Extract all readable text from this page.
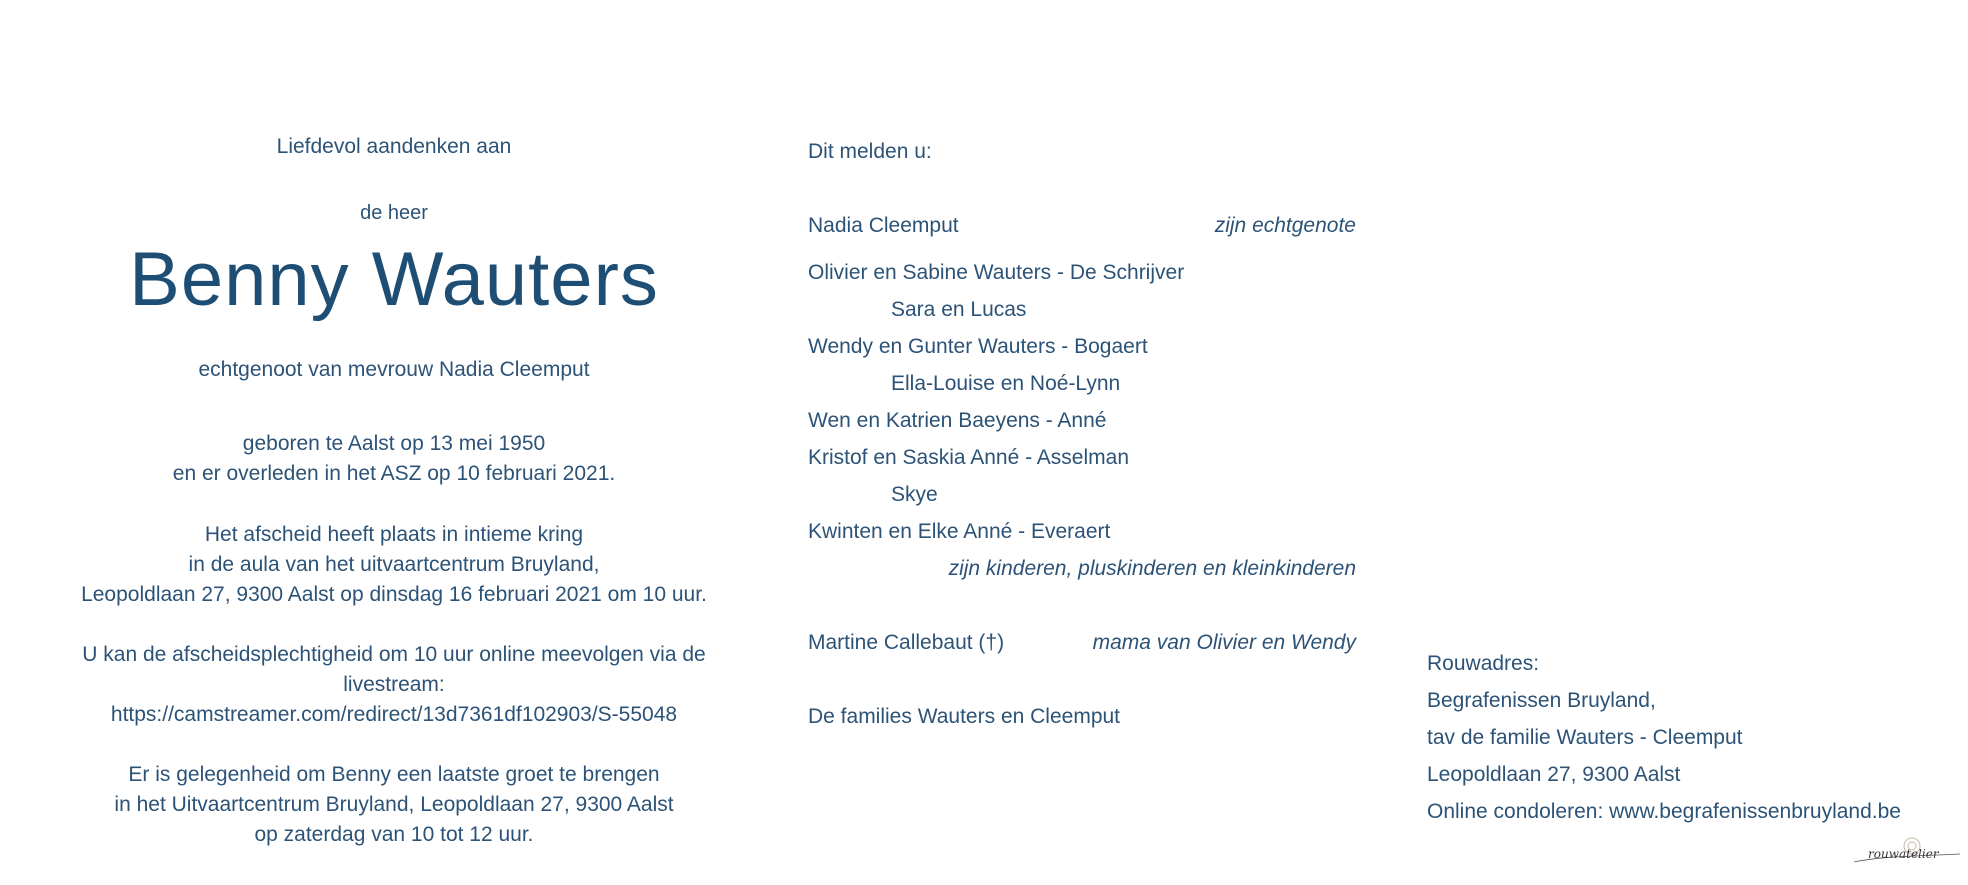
Liefdevol aandenken aan
de heer
Benny Wauters
echtgenoot van mevrouw Nadia Cleemput

geboren te Aalst op 13 mei 1950

en er overleden in het ASZ op 10 februari 2021.

Het afscheid heeft plaats in intieme kring

in de aula van het uitvaartcentrum Bruyland,

Leopoldlaan 27, 9300 Aalst op dinsdag 16 februari 2021 om 10 uur.

U kan de afscheidsplechtigheid om 10 uur online meevolgen via de livestream:

https://camstreamer.com/redirect/13d7361df102903/S-55048

Er is gelegenheid om Benny een laatste groet te brengen

in het Uitvaartcentrum Bruyland, Leopoldlaan 27, 9300 Aalst

op zaterdag van 10 tot 12 uur.

Dit melden u:
Nadia Cleemput	zijn echtgenote
Olivier en Sabine Wauters - De Schrijver
Sara en Lucas
Wendy en Gunter Wauters - Bogaert
Ella-Louise en Noé-Lynn
Wen en Katrien Baeyens - Anné
Kristof en Saskia Anné - Asselman
Skye
Kwinten en Elke Anné - Everaert
zijn kinderen, pluskinderen en kleinkinderen
Martine Callebaut (†)	mama van Olivier en Wendy
De families Wauters en Cleemput

Rouwadres:

Begrafenissen Bruyland,

tav de familie Wauters - Cleemput

Leopoldlaan 27, 9300 Aalst

Online condoleren: www.begrafenissenbruyland.be

rouwatelier
